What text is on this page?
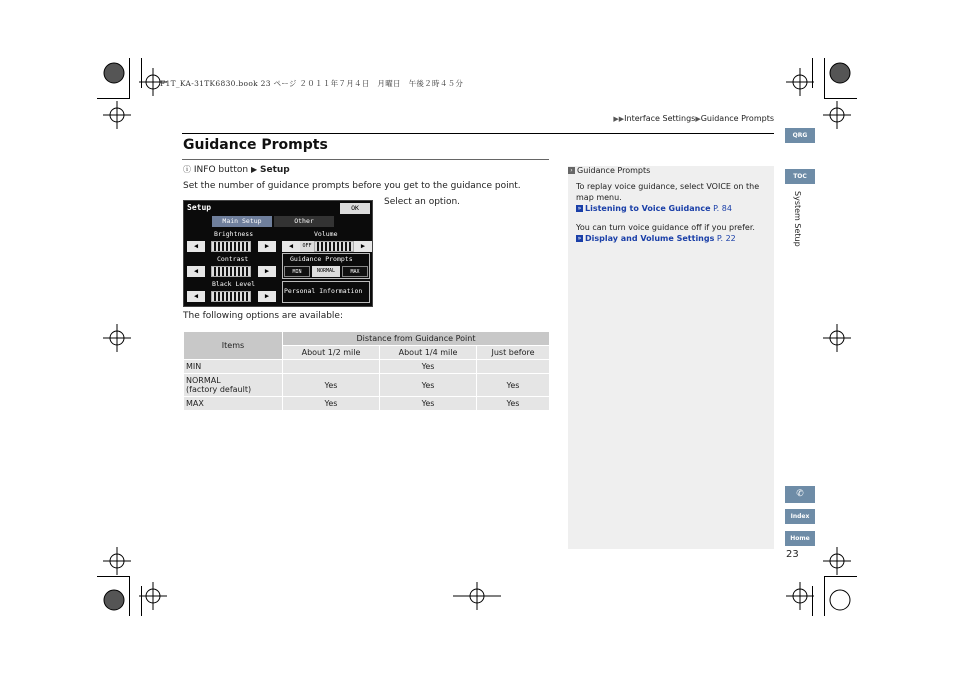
F1T_KA-31TK6830.book 23 ページ ２０１１年７月４日　月曜日　午後２時４５分
▶▶Interface Settings▶Guidance Prompts
Guidance Prompts
ⓘ INFO button ▶ Setup
Set the number of guidance prompts before you get to the guidance point.
Select an option.
Setup	OK
Main Setup	Other
Brightness
◀	▶
Volume
◀	OFF	▶
Contrast
◀	▶
Guidance Prompts
MIN	NORMAL	MAX
Black Level
◀	▶
Personal Information
The following options are available:
Items	Distance from Guidance Point		
	About 1/2 mile	About 1/4 mile	Just before
MIN		Yes	
NORMAL
(factory default)	Yes	Yes	Yes
MAX	Yes	Yes	Yes
› Guidance Prompts
To replay voice guidance, select VOICE on the map menu.
» Listening to Voice Guidance P. 84
You can turn voice guidance off if you prefer.
» Display and Volume Settings P. 22
QRG
TOC
System Setup
✆
Index
Home
23
